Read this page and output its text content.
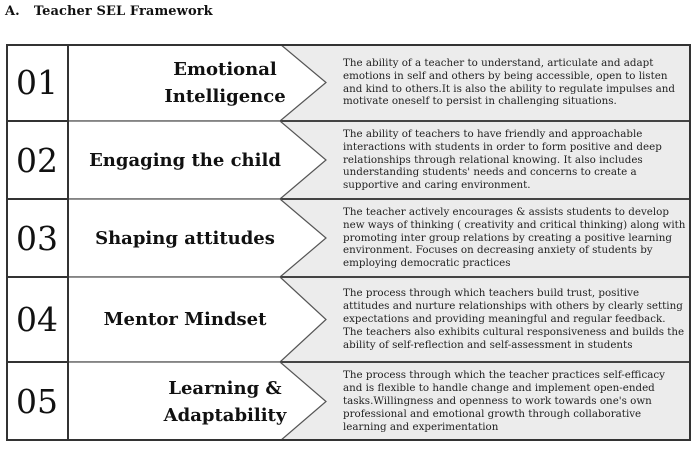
A. Teacher SEL Framework
01	Emotional Intelligence
The ability of a teacher to understand, articulate and adapt emotions in self and others by being accessible, open to listen and kind to others.It is also the ability to regulate impulses and motivate oneself to persist in challenging situations.
02	Engaging the child
The ability of teachers to have friendly and approachable interactions with students in order to form positive and deep relationships through relational knowing. It also includes understanding students' needs and concerns to create a supportive and caring environment.
03	Shaping attitudes
The teacher actively encourages & assists students to develop new ways of thinking ( creativity and critical thinking) along with promoting inter group relations by creating a positive learning environment. Focuses on decreasing anxiety of students by employing democratic practices
04	Mentor Mindset
The process through which teachers build trust, positive attitudes and nurture relationships with others by clearly setting expectations and providing meaningful and regular feedback. The teachers also exhibits cultural responsiveness and builds the ability of self-reflection and self-assessment in students
05	Learning & Adaptability
The process through which the teacher practices self-efficacy and is flexible to handle change and implement open-ended tasks.Willingness and openness to work towards one's own professional and emotional growth through collaborative learning and experimentation
